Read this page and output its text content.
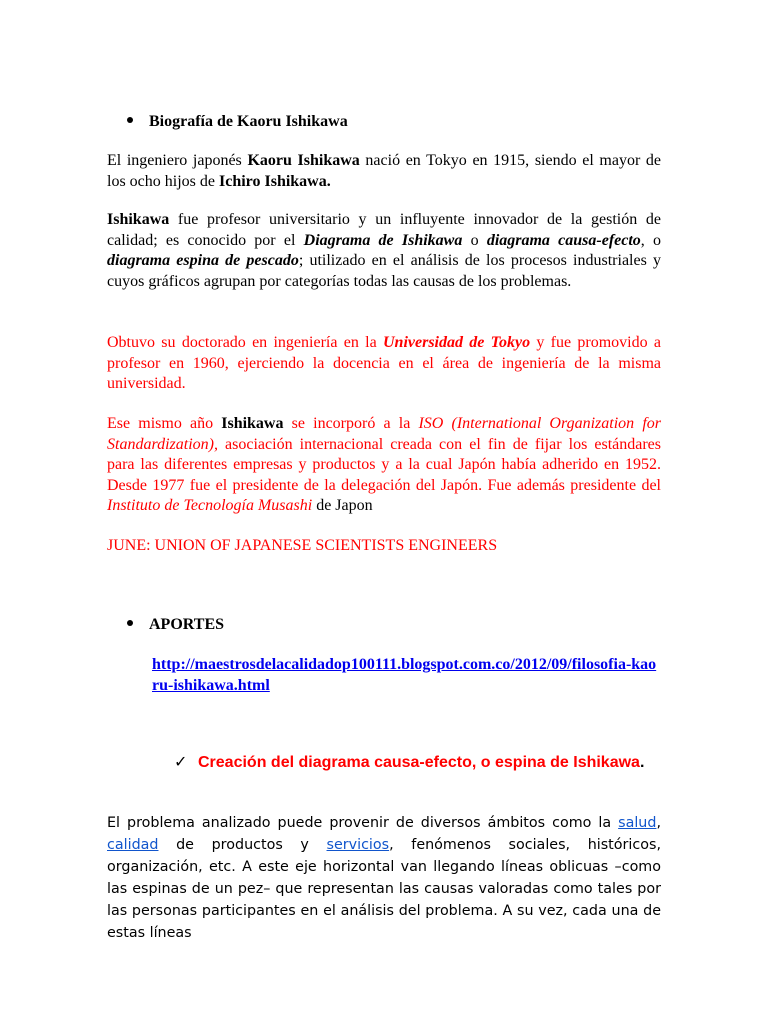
Biografía de Kaoru Ishikawa
El ingeniero japonés Kaoru Ishikawa nació en Tokyo en 1915, siendo el mayor de los ocho hijos de Ichiro Ishikawa.
Ishikawa fue profesor universitario y un influyente innovador de la gestión de calidad; es conocido por el Diagrama de Ishikawa o diagrama causa-efecto, o diagrama espina de pescado; utilizado en el análisis de los procesos industriales y cuyos gráficos agrupan por categorías todas las causas de los problemas.
Obtuvo su doctorado en ingeniería en la Universidad de Tokyo y fue promovido a profesor en 1960, ejerciendo la docencia en el área de ingeniería de la misma universidad.
Ese mismo año Ishikawa se incorporó a la ISO (International Organization for Standardization), asociación internacional creada con el fin de fijar los estándares para las diferentes empresas y productos y a la cual Japón había adherido en 1952. Desde 1977 fue el presidente de la delegación del Japón. Fue además presidente del Instituto de Tecnología Musashi de Japon
JUNE: UNION OF JAPANESE SCIENTISTS ENGINEERS
APORTES
http://maestrosdelacalidadop100111.blogspot.com.co/2012/09/filosofia-kaoru-ishikawa.html
✓ Creación del diagrama causa-efecto, o espina de Ishikawa.
El problema analizado puede provenir de diversos ámbitos como la salud, calidad de productos y servicios, fenómenos sociales, históricos, organización, etc. A este eje horizontal van llegando líneas oblicuas –como las espinas de un pez– que representan las causas valoradas como tales por las personas participantes en el análisis del problema. A su vez, cada una de estas líneas
